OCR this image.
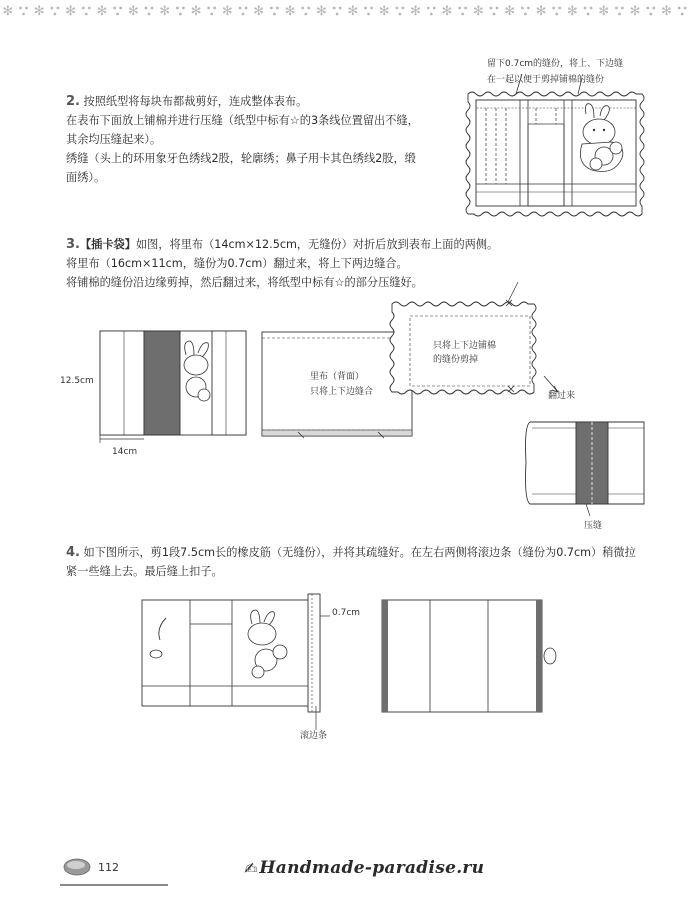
✻ ✻ ✻ ✻ ✻ ✻ ✻ ✻ ✻ ✻ ✻ ✻ ✻ ✻ ✻ ✻ ✻ ✻ ✻ ✻ ✻ ✻
2. 按照纸型将每块布都裁剪好，连成整体表布。
在表布下面放上铺棉并进行压缝（纸型中标有☆的3条线位置留出不缝，
其余均压缝起来）。
绣缝（头上的环用象牙色绣线2股，轮廓绣；鼻子用卡其色绣线2股，缎
面绣）。
留下0.7cm的缝份，将上、下边缝
在一起以便于剪掉铺棉的缝份
3.【插卡袋】如图，将里布（14cm×12.5cm，无缝份）对折后放到表布上面的两侧。
将里布（16cm×11cm，缝份为0.7cm）翻过来，将上下两边缝合。
将铺棉的缝份沿边缘剪掉，然后翻过来，将纸型中标有☆的部分压缝好。
12.5cm
14cm
里布（背面）
只将上下边缝合
只将上下边铺棉
的缝份剪掉
翻过来
压缝
4. 如下图所示，剪1段7.5cm长的橡皮筋（无缝份），并将其疏缝好。在左右两侧将滚边条（缝份为0.7cm）稍微拉
紧一些缝上去。最后缝上扣子。
0.7cm
滚边条
112	✍ Handmade-paradise.ru
